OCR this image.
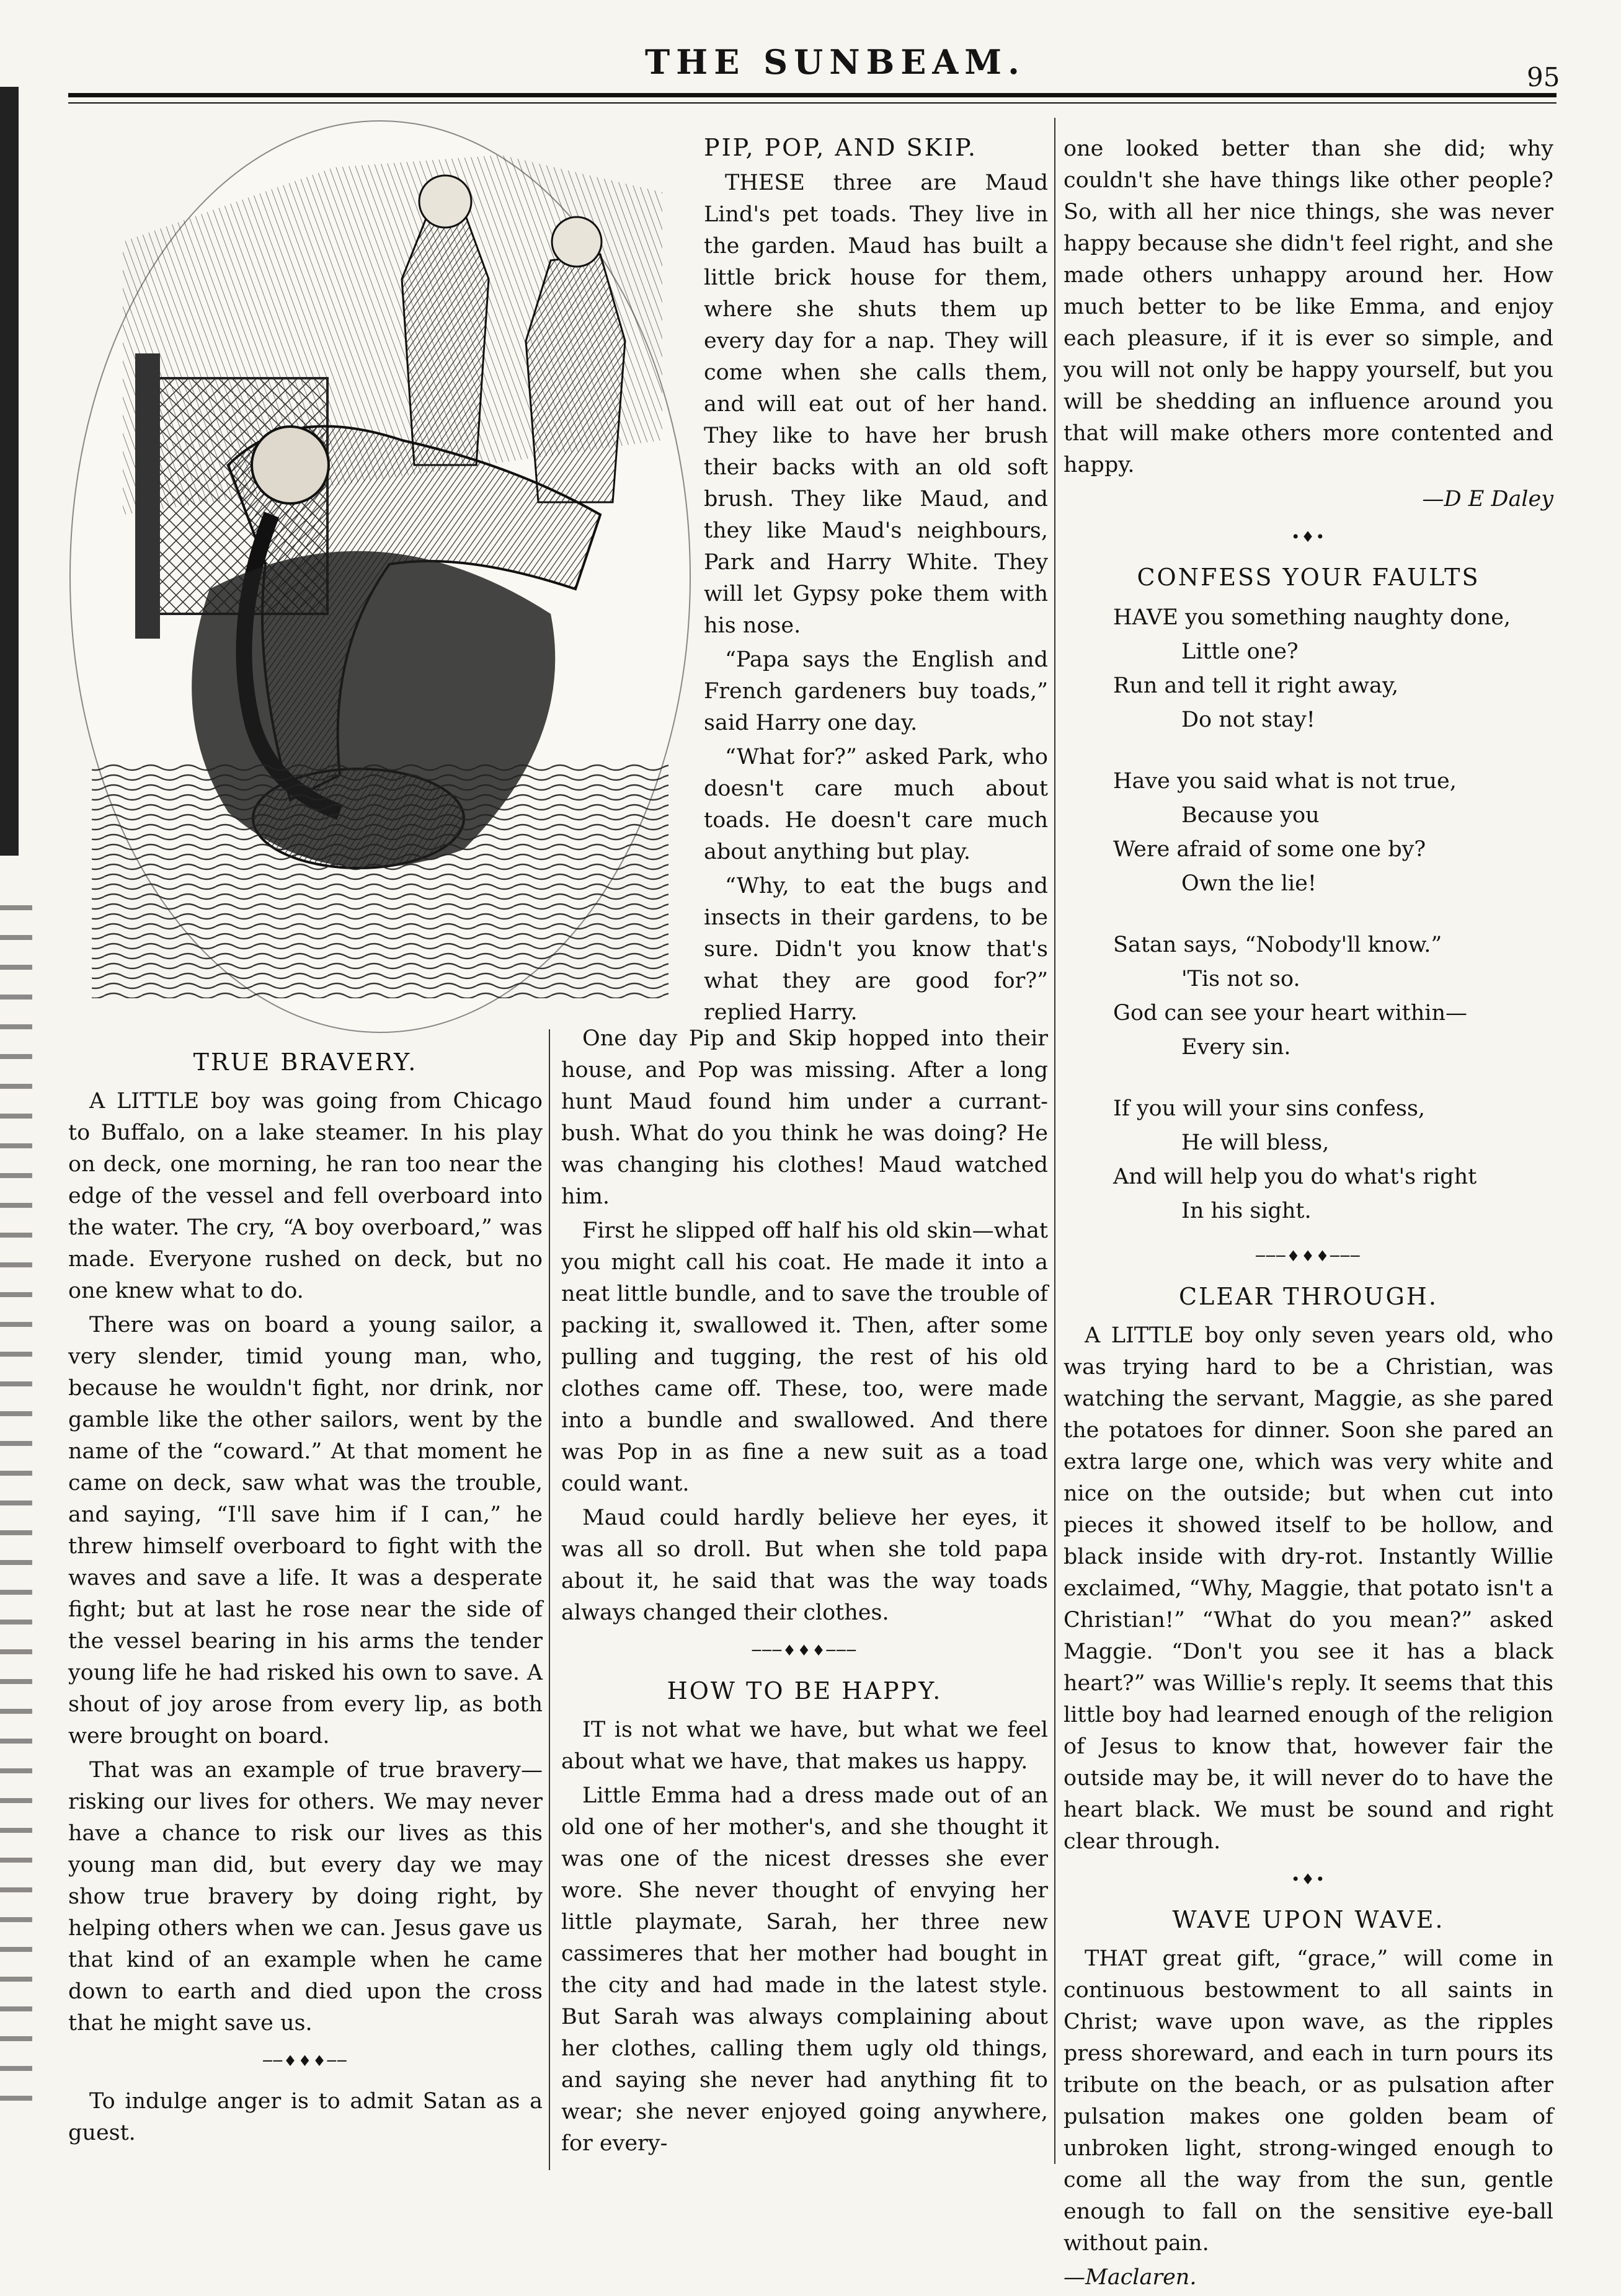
THE SUNBEAM.	95
TRUE BRAVERY.

A LITTLE boy was going from Chicago to Buffalo, on a lake steamer. In his play on deck, one morning, he ran too near the edge of the vessel and fell overboard into the water. The cry, “A boy overboard,” was made. Everyone rushed on deck, but no one knew what to do.

There was on board a young sailor, a very slender, timid young man, who, because he wouldn't fight, nor drink, nor gamble like the other sailors, went by the name of the “coward.” At that moment he came on deck, saw what was the trouble, and saying, “I'll save him if I can,” he threw himself overboard to fight with the waves and save a life. It was a desperate fight; but at last he rose near the side of the vessel bearing in his arms the tender young life he had risked his own to save. A shout of joy arose from every lip, as both were brought on board.

That was an example of true bravery—risking our lives for others. We may never have a chance to risk our lives as this young man did, but every day we may show true bravery by doing right, by helping others when we can. Jesus gave us that kind of an example when he came down to earth and died upon the cross that he might save us.

──♦♦♦──

To indulge anger is to admit Satan as a guest.

PIP, POP, AND SKIP.

THESE three are Maud Lind's pet toads. They live in the garden. Maud has built a little brick house for them, where she shuts them up every day for a nap. They will come when she calls them, and will eat out of her hand. They like to have her brush their backs with an old soft brush. They like Maud, and they like Maud's neighbours, Park and Harry White. They will let Gypsy poke them with his nose.

“Papa says the English and French gardeners buy toads,” said Harry one day.

“What for?” asked Park, who doesn't care much about toads. He doesn't care much about anything but play.

“Why, to eat the bugs and insects in their gardens, to be sure. Didn't you know that's what they are good for?” replied Harry.

One day Pip and Skip hopped into their house, and Pop was missing. After a long hunt Maud found him under a currant-bush. What do you think he was doing? He was changing his clothes! Maud watched him.

First he slipped off half his old skin—what you might call his coat. He made it into a neat little bundle, and to save the trouble of packing it, swallowed it. Then, after some pulling and tugging, the rest of his old clothes came off. These, too, were made into a bundle and swallowed. And there was Pop in as fine a new suit as a toad could want.

Maud could hardly believe her eyes, it was all so droll. But when she told papa about it, he said that was the way toads always changed their clothes.

───♦♦♦───
HOW TO BE HAPPY.

IT is not what we have, but what we feel about what we have, that makes us happy.

Little Emma had a dress made out of an old one of her mother's, and she thought it was one of the nicest dresses she ever wore. She never thought of envying her little playmate, Sarah, her three new cassimeres that her mother had bought in the city and had made in the latest style. But Sarah was always complaining about her clothes, calling them ugly old things, and saying she never had anything fit to wear; she never enjoyed going anywhere, for every-

one looked better than she did; why couldn't she have things like other people? So, with all her nice things, she was never happy because she didn't feel right, and she made others unhappy around her. How much better to be like Emma, and enjoy each pleasure, if it is ever so simple, and you will not only be happy yourself, but you will be shedding an influence around you that will make others more contented and happy.

—D E Daley

•♦•
CONFESS YOUR FAULTS
HAVE you something naughty done,
Little one?
Run and tell it right away,
Do not stay!
Have you said what is not true,
Because you
Were afraid of some one by?
Own the lie!
Satan says, “Nobody'll know.”
'Tis not so.
God can see your heart within—
Every sin.
If you will your sins confess,
He will bless,
And will help you do what's right
In his sight.
───♦♦♦───
CLEAR THROUGH.

A LITTLE boy only seven years old, who was trying hard to be a Christian, was watching the servant, Maggie, as she pared the potatoes for dinner. Soon she pared an extra large one, which was very white and nice on the outside; but when cut into pieces it showed itself to be hollow, and black inside with dry-rot. Instantly Willie exclaimed, “Why, Maggie, that potato isn't a Christian!” “What do you mean?” asked Maggie. “Don't you see it has a black heart?” was Willie's reply. It seems that this little boy had learned enough of the religion of Jesus to know that, however fair the outside may be, it will never do to have the heart black. We must be sound and right clear through.

•♦•
WAVE UPON WAVE.

THAT great gift, “grace,” will come in continuous bestowment to all saints in Christ; wave upon wave, as the ripples press shoreward, and each in turn pours its tribute on the beach, or as pulsation after pulsation makes one golden beam of unbroken light, strong-winged enough to come all the way from the sun, gentle enough to fall on the sensitive eye-ball without pain.

—Maclaren.
